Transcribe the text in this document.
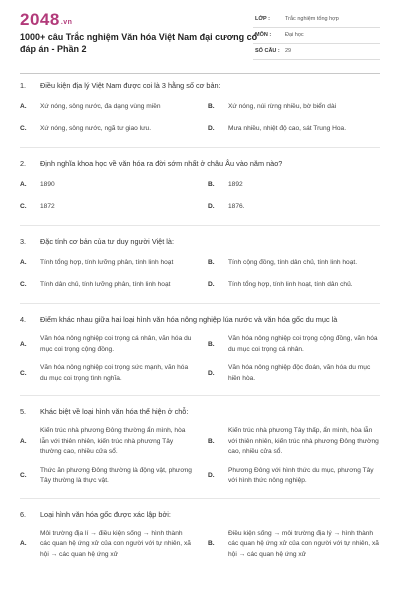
2048.vn
1000+ câu Trắc nghiệm Văn hóa Việt Nam đại cương có đáp án - Phần 2
LỚP :	Trắc nghiệm tổng hợp
MÔN :	Đại học
SỐ CÂU : 29
1. Điều kiện địa lý Việt Nam được coi là 3 hằng số cơ bản:
A. Xứ nóng, sông nước, đa dạng vùng miền	B. Xứ nóng, núi rừng nhiều, bờ biển dài
C. Xứ nóng, sông nước, ngã tư giao lưu.	D. Mưa nhiều, nhiệt độ cao, sát Trung Hoa.
2. Định nghĩa khoa học về văn hóa ra đời sớm nhất ở châu Âu vào năm nào?
A. 1890	B. 1892
C. 1872	D. 1876.
3. Đặc tính cơ bản của tư duy người Việt là:
A. Tính tổng hợp, tính lưỡng phân, tính linh hoạt	B. Tính cộng đồng, tính dân chủ, tính linh hoạt.
C. Tính dân chủ, tính lưỡng phân, tính linh hoạt	D. Tính tổng hợp, tính linh hoạt, tính dân chủ.
4. Điểm khác nhau giữa hai loại hình văn hóa nông nghiệp lúa nước và văn hóa gốc du mục là
A.
Văn hóa nông nghiệp coi trọng cá nhân, văn hóa du mục coi trọng cộng đồng.
B.
Văn hóa nông nghiệp coi trọng cộng đồng, văn hóa du mục coi trọng cá nhân.
C.
Văn hóa nông nghiệp coi trọng sức mạnh, văn hóa du mục coi trọng tình nghĩa.
D.
Văn hóa nông nghiệp độc đoán, văn hóa du mục hiền hòa.
5. Khác biệt về loại hình văn hóa thể hiện ở chỗ:
A.
Kiến trúc nhà phương Đông thường ẩn mình, hòa lẫn với thiên nhiên, kiến trúc nhà phương Tây thường cao, nhiều cửa sổ.
B.
Kiến trúc nhà phương Tây thấp, ẩn mình, hòa lẫn với thiên nhiên, kiến trúc nhà phương Đông thường cao, nhiều cửa sổ.
C.
Thức ăn phương Đông thường là động vật, phương Tây thường là thực vật.
D.
Phương Đông với hình thức du mục, phương Tây với hình thức nông nghiệp.
6. Loại hình văn hóa gốc được xác lập bởi:
A.
Môi trường địa lí → điều kiện sống → hình thành các quan hệ ứng xử của con người với tự nhiên, xã hội → các quan hệ ứng xử
B.
Điều kiện sống → môi trường địa lý → hình thành các quan hệ ứng xử của con người với tự nhiên, xã hội → các quan hệ ứng xử
